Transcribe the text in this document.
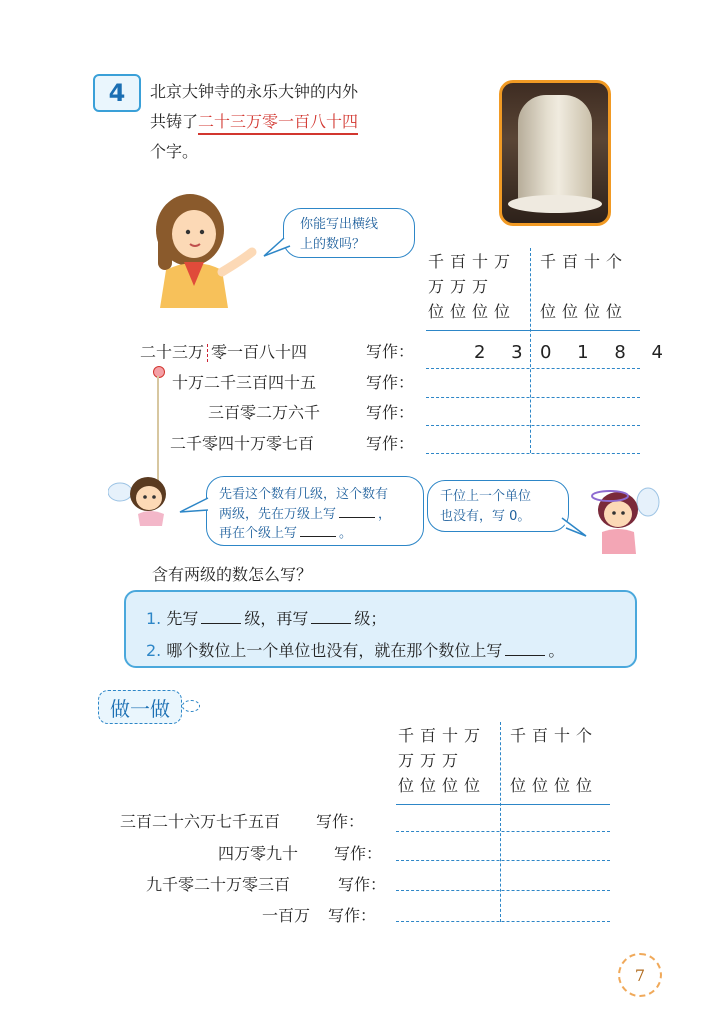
4	北京大钟寺的永乐大钟的内外
共铸了二十三万零一百八十四
个字。
你能写出横线
上的数吗？
千百十万
万万万
位位位位
千百十个
位位位位
二十三万 零一百八十四	写作：	2 3 0 1 8 4
十万二千三百四十五	写作：
三百零二万六千	写作：
二千零四十万零七百	写作：
先看这个数有几级，这个数有
两级，先在万级上写	，
再在个级上写	。
千位上一个单位
也没有，写 0。
含有两级的数怎么写？
1. 先写	级，再写	级；
2. 哪个数位上一个单位也没有，就在那个数位上写	。
做一做
千百十万
万万万
位位位位
千百十个
位位位位
三百二十六万七千五百 写作：
四万零九十 写作：
九千零二十万零三百	写作：
一百万 写作：
7
